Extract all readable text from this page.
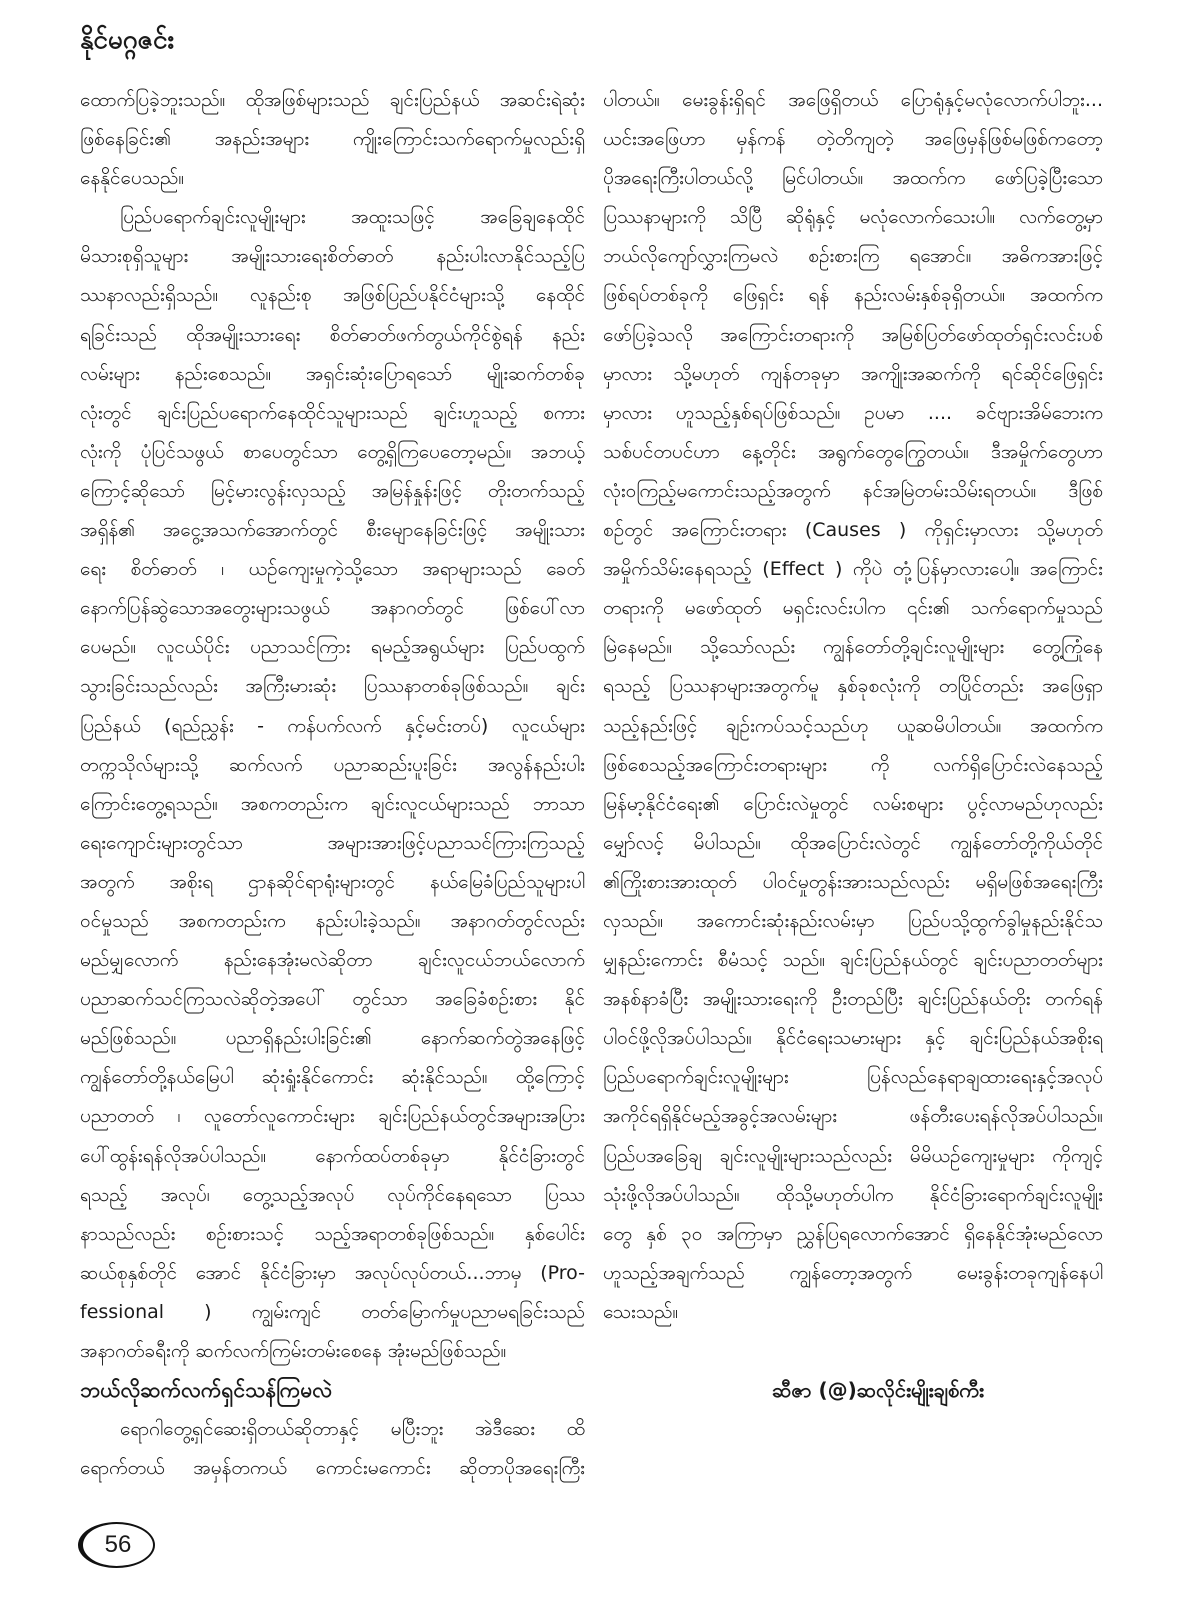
နိုင်မဂ္ဂဇင်း
ထောက်ပြခဲ့ဘူးသည်။ ထိုအဖြစ်များသည် ချင်းပြည်နယ် အဆင်းရဲဆုံး
ဖြစ်နေခြင်း၏ အနည်းအများ ကျိုးကြောင်းသက်ရောက်မှုလည်းရှိ
နေနိုင်ပေသည်။
ပြည်ပရောက်ချင်းလူမျိုးများ အထူးသဖြင့် အခြေချနေထိုင်
မိသားစုရှိသူများ အမျိုးသားရေးစိတ်ဓာတ် နည်းပါးလာနိုင်သည့်ပြ
ဿနာလည်းရှိသည်။ လူနည်းစု အဖြစ်ပြည်ပနိုင်ငံများသို့ နေထိုင်
ရခြင်းသည် ထိုအမျိုးသားရေး စိတ်ဓာတ်ဖက်တွယ်ကိုင်စွဲရန် နည်း
လမ်းများ နည်းစေသည်။ အရှင်းဆုံးပြောရသော် မျိုးဆက်တစ်ခု
လုံးတွင် ချင်းပြည်ပရောက်နေထိုင်သူများသည် ချင်းဟူသည့် စကား
လုံးကို ပုံပြင်သဖွယ် စာပေတွင်သာ တွေ့ရှိကြပေတော့မည်။ အဘယ့်
ကြောင့်ဆိုသော် မြင့်မားလွန်းလှသည့် အမြန်နှုန်းဖြင့် တိုးတက်သည့်
အရှိန်၏ အငွေ့အသက်အောက်တွင် စီးမျောနေခြင်းဖြင့် အမျိုးသား
ရေး စိတ်ဓာတ် ၊ ယဉ်ကျေးမှုကဲ့သို့သော အရာများသည် ခေတ်
နောက်ပြန်ဆွဲသောအတွေးများသဖွယ် အနာဂတ်တွင် ဖြစ်ပေါ်လာ
ပေမည်။ လူငယ်ပိုင်း ပညာသင်ကြား ရမည့်အရွယ်များ ပြည်ပထွက်
သွားခြင်းသည်လည်း အကြီးမားဆုံး ပြဿနာတစ်ခုဖြစ်သည်။ ချင်း
ပြည်နယ် (ရည်ညွှန်း - ကန်ပက်လက် နှင့်မင်းတပ်) လူငယ်များ
တက္ကသိုလ်များသို့ ဆက်လက် ပညာဆည်းပူးခြင်း အလွန်နည်းပါး
ကြောင်းတွေ့ရသည်။ အစကတည်းက ချင်းလူငယ်များသည် ဘာသာ
ရေးကျောင်းများတွင်သာ အများအားဖြင့်ပညာသင်ကြားကြသည့်
အတွက် အစိုးရ ဌာနဆိုင်ရာရုံးများတွင် နယ်မြေခံပြည်သူများပါ
ဝင်မှုသည် အစကတည်းက နည်းပါးခဲ့သည်။ အနာဂတ်တွင်လည်း
မည်မျှလောက် နည်းနေအုံးမလဲဆိုတာ ချင်းလူငယ်ဘယ်လောက်
ပညာဆက်သင်ကြသလဲဆိုတဲ့အပေါ် တွင်သာ အခြေခံစဉ်းစား နိုင်
မည်ဖြစ်သည်။ ပညာရှိနည်းပါးခြင်း၏ နောက်ဆက်တွဲအနေဖြင့်
ကျွန်တော်တို့နယ်မြေပါ ဆုံးရှုံးနိုင်ကောင်း ဆုံးနိုင်သည်။ ထို့ကြောင့်
ပညာတတ် ၊ လူတော်လူကောင်းများ ချင်းပြည်နယ်တွင်အများအပြား
ပေါ်ထွန်းရန်လိုအပ်ပါသည်။ နောက်ထပ်တစ်ခုမှာ နိုင်ငံခြားတွင်
ရသည့် အလုပ်၊ တွေ့သည့်အလုပ် လုပ်ကိုင်နေရသော ပြဿ
နာသည်လည်း စဉ်းစားသင့် သည့်အရာတစ်ခုဖြစ်သည်။ နှစ်ပေါင်း
ဆယ်စုနှစ်တိုင် အောင် နိုင်ငံခြားမှာ အလုပ်လုပ်တယ်...ဘာမှ (Pro-
fessional ) ကျွမ်းကျင် တတ်မြောက်မှုပညာမရခြင်းသည်
အနာဂတ်ခရီးကို ဆက်လက်ကြမ်းတမ်းစေနေ အုံးမည်ဖြစ်သည်။
ဘယ်လိုဆက်လက်ရှင်သန်ကြမလဲ
ရောဂါတွေ့ရှင်ဆေးရှိတယ်ဆိုတာနှင့် မပြီးဘူး အဲဒီဆေး ထိ
ရောက်တယ် အမှန်တကယ် ကောင်းမကောင်း ဆိုတာပိုအရေးကြီး
ပါတယ်။ မေးခွန်းရှိရင် အဖြေရှိတယ် ပြောရုံနှင့်မလုံလောက်ပါဘူး...
ယင်းအဖြေဟာ မှန်ကန် တဲ့တိကျတဲ့ အဖြေမှန်ဖြစ်မဖြစ်ကတော့
ပိုအရေးကြီးပါတယ်လို့ မြင်ပါတယ်။ အထက်က ဖော်ပြခဲ့ပြီးသော
ပြဿနာများကို သိပြီ ဆိုရုံနှင့် မလုံလောက်သေးပါ။ လက်တွေ့မှာ
ဘယ်လိုကျော်လွှားကြမလဲ စဉ်းစားကြ ရအောင်။ အဓိကအားဖြင့်
ဖြစ်ရပ်တစ်ခုကို ဖြေရှင်း ရန် နည်းလမ်းနှစ်ခုရှိတယ်။ အထက်က
ဖော်ပြခဲ့သလို အကြောင်းတရားကို အမြစ်ပြတ်ဖော်ထုတ်ရှင်းလင်းပစ်
မှာလား သို့မဟုတ် ကျန်တခုမှာ အကျိုးအဆက်ကို ရင်ဆိုင်ဖြေရှင်း
မှာလား ဟူသည့်နှစ်ရပ်ဖြစ်သည်။ ဥပမာ .... ခင်ဗျားအိမ်ဘေးက
သစ်ပင်တပင်ဟာ နေ့တိုင်း အရွက်တွေကြွေတယ်။ ဒီအမှိုက်တွေဟာ
လုံးဝကြည့်မကောင်းသည့်အတွက် နင်အမြဲတမ်းသိမ်းရတယ်။ ဒီဖြစ်
စဉ်တွင် အကြောင်းတရား (Causes ) ကိုရှင်းမှာလား သို့မဟုတ်
အမှိုက်သိမ်းနေရသည့် (Effect ) ကိုပဲ တုံ့ပြန်မှာလားပေါ့။ အကြောင်း
တရားကို မဖော်ထုတ် မရှင်းလင်းပါက ၎င်း၏ သက်ရောက်မှုသည်
မြဲနေမည်။ သို့သော်လည်း ကျွန်တော်တို့ချင်းလူမျိုးများ တွေ့ကြုံနေ
ရသည့် ပြဿနာများအတွက်မူ နှစ်ခုစလုံးကို တပြိုင်တည်း အဖြေရှာ
သည့်နည်းဖြင့် ချဉ်းကပ်သင့်သည်ဟု ယူဆမိပါတယ်။ အထက်က
ဖြစ်စေသည့်အကြောင်းတရားများ ကို လက်ရှိပြောင်းလဲနေသည့်
မြန်မာ့နိုင်ငံရေး၏ ပြောင်းလဲမှုတွင် လမ်းစများ ပွင့်လာမည်ဟုလည်း
မျှော်လင့် မိပါသည်။ ထိုအပြောင်းလဲတွင် ကျွန်တော်တို့ကိုယ်တိုင်
၏ကြိုးစားအားထုတ် ပါဝင်မှုတွန်းအားသည်လည်း မရှိမဖြစ်အရေးကြီး
လှသည်။ အကောင်းဆုံးနည်းလမ်းမှာ ပြည်ပသို့ထွက်ခွါမှုနည်းနိုင်သ
မျှနည်းကောင်း စီမံသင့် သည်။ ချင်းပြည်နယ်တွင် ချင်းပညာတတ်များ
အနစ်နာခံပြီး အမျိုးသားရေးကို ဦးတည်ပြီး ချင်းပြည်နယ်တိုး တက်ရန်
ပါဝင်ဖို့လိုအပ်ပါသည်။ နိုင်ငံရေးသမားများ နှင့် ချင်းပြည်နယ်အစိုးရ
ပြည်ပရောက်ချင်းလူမျိုးများ ပြန်လည်နေရာချထားရေးနှင့်အလုပ်
အကိုင်ရရှိနိုင်မည့်အခွင့်အလမ်းများ ဖန်တီးပေးရန်လိုအပ်ပါသည်။
ပြည်ပအခြေချ ချင်းလူမျိုးများသည်လည်း မိမိယဉ်ကျေးမှုများ ကိုကျင့်
သုံးဖို့လိုအပ်ပါသည်။ ထိုသို့မဟုတ်ပါက နိုင်ငံခြားရောက်ချင်းလူမျိုး
တွေ နှစ် ၃၀ အကြာမှာ ညွှန်ပြရလောက်အောင် ရှိနေနိုင်အုံးမည်လော
ဟူသည့်အချက်သည် ကျွန်တော့အတွက် မေးခွန်းတခုကျန်နေပါ
သေးသည်။
ဆီဇာ (@)ဆလိုင်းမျိုးချစ်ကီး
56
